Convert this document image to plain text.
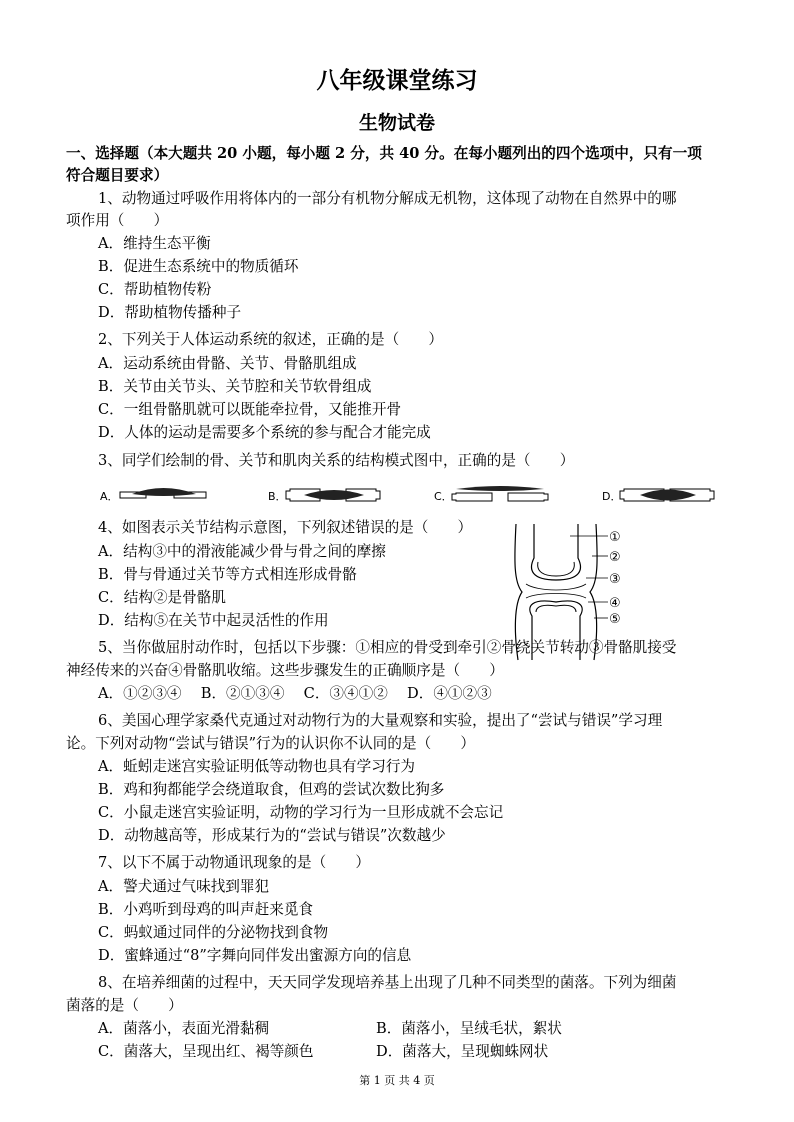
八年级课堂练习
生物试卷
一、选择题（本大题共 20 小题，每小题 2 分，共 40 分。在每小题列出的四个选项中，只有一项
符合题目要求）
1、动物通过呼吸作用将体内的一部分有机物分解成无机物，这体现了动物在自然界中的哪
项作用（　　）
A．维持生态平衡
B．促进生态系统中的物质循环
C．帮助植物传粉
D．帮助植物传播种子
2、下列关于人体运动系统的叙述，正确的是（　　）
A．运动系统由骨骼、关节、骨骼肌组成
B．关节由关节头、关节腔和关节软骨组成
C．一组骨骼肌就可以既能牵拉骨，又能推开骨
D．人体的运动是需要多个系统的参与配合才能完成
3、同学们绘制的骨、关节和肌肉关系的结构模式图中，正确的是（　　）
A．	B．	C．	D．
4、如图表示关节结构示意图，下列叙述错误的是（　　）
A．结构③中的滑液能减少骨与骨之间的摩擦
B．骨与骨通过关节等方式相连形成骨骼
C．结构②是骨骼肌
D．结构⑤在关节中起灵活性的作用
①
②
③
④
⑤
5、当你做屈肘动作时，包括以下步骤：①相应的骨受到牵引②骨绕关节转动③骨骼肌接受
神经传来的兴奋④骨骼肌收缩。这些步骤发生的正确顺序是（　　）
A．①②③④　 B．②①③④　 C．③④①②　 D．④①②③
6、美国心理学家桑代克通过对动物行为的大量观察和实验，提出了“尝试与错误”学习理
论。下列对动物“尝试与错误”行为的认识你不认同的是（　　）
A．蚯蚓走迷宫实验证明低等动物也具有学习行为
B．鸡和狗都能学会绕道取食，但鸡的尝试次数比狗多
C．小鼠走迷宫实验证明，动物的学习行为一旦形成就不会忘记
D．动物越高等，形成某行为的“尝试与错误”次数越少
7、以下不属于动物通讯现象的是（　　）
A．警犬通过气味找到罪犯
B．小鸡听到母鸡的叫声赶来觅食
C．蚂蚁通过同伴的分泌物找到食物
D．蜜蜂通过“8”字舞向同伴发出蜜源方向的信息
8、在培养细菌的过程中，天天同学发现培养基上出现了几种不同类型的菌落。下列为细菌
菌落的是（　　）
A．菌落小，表面光滑黏稠	B．菌落小，呈绒毛状，絮状
C．菌落大，呈现出红、褐等颜色	D．菌落大，呈现蜘蛛网状
第 1 页 共 4 页
